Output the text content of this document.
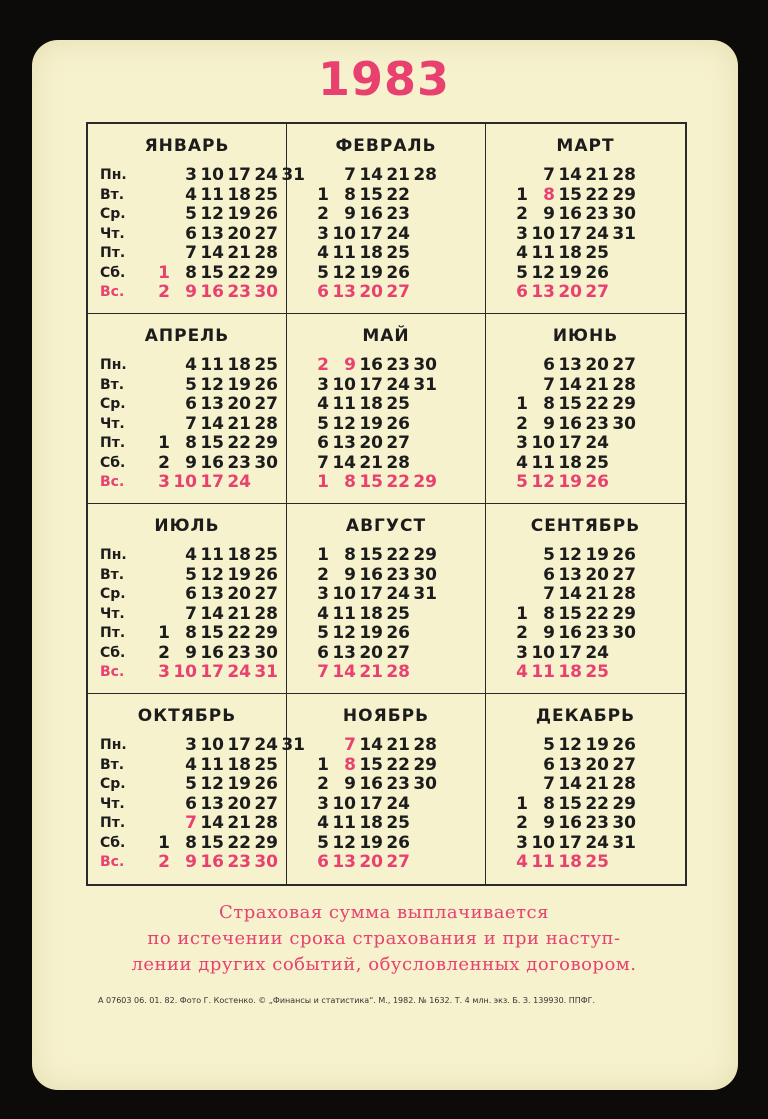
1983
ЯНВАРЬ
3 10 17 24 31
4 11 18 25
5 12 19 26
6 13 20 27
7 14 21 28
1 8 15 22 29
2 9 16 23 30
Пн.
Вт.
Ср.
Чт.
Пт.
Сб.
Вс.
ФЕВРАЛЬ
7 14 21 28
1 8 15 22
2 9 16 23
3 10 17 24
4 11 18 25
5 12 19 26
6 13 20 27
МАРТ
7 14 21 28
1 8 15 22 29
2 9 16 23 30
3 10 17 24 31
4 11 18 25
5 12 19 26
6 13 20 27
АПРЕЛЬ
4 11 18 25
5 12 19 26
6 13 20 27
7 14 21 28
1 8 15 22 29
2 9 16 23 30
3 10 17 24
Пн.
Вт.
Ср.
Чт.
Пт.
Сб.
Вс.
МАЙ
2 9 16 23 30
3 10 17 24 31
4 11 18 25
5 12 19 26
6 13 20 27
7 14 21 28
1 8 15 22 29
ИЮНЬ
6 13 20 27
7 14 21 28
1 8 15 22 29
2 9 16 23 30
3 10 17 24
4 11 18 25
5 12 19 26
ИЮЛЬ
4 11 18 25
5 12 19 26
6 13 20 27
7 14 21 28
1 8 15 22 29
2 9 16 23 30
3 10 17 24 31
Пн.
Вт.
Ср.
Чт.
Пт.
Сб.
Вс.
АВГУСТ
1 8 15 22 29
2 9 16 23 30
3 10 17 24 31
4 11 18 25
5 12 19 26
6 13 20 27
7 14 21 28
СЕНТЯБРЬ
5 12 19 26
6 13 20 27
7 14 21 28
1 8 15 22 29
2 9 16 23 30
3 10 17 24
4 11 18 25
ОКТЯБРЬ
3 10 17 24 31
4 11 18 25
5 12 19 26
6 13 20 27
7 14 21 28
1 8 15 22 29
2 9 16 23 30
Пн.
Вт.
Ср.
Чт.
Пт.
Сб.
Вс.
НОЯБРЬ
7 14 21 28
1 8 15 22 29
2 9 16 23 30
3 10 17 24
4 11 18 25
5 12 19 26
6 13 20 27
ДЕКАБРЬ
5 12 19 26
6 13 20 27
7 14 21 28
1 8 15 22 29
2 9 16 23 30
3 10 17 24 31
4 11 18 25
Страховая сумма выплачивается
по истечении срока страхования и при наступ-
лении других событий, обусловленных договором.
А 07603 06. 01. 82. Фото Г. Костенко. © „Финансы и статистика“. М., 1982. № 1632. Т. 4 млн. экз. Б. З. 139930. ППФГ.
